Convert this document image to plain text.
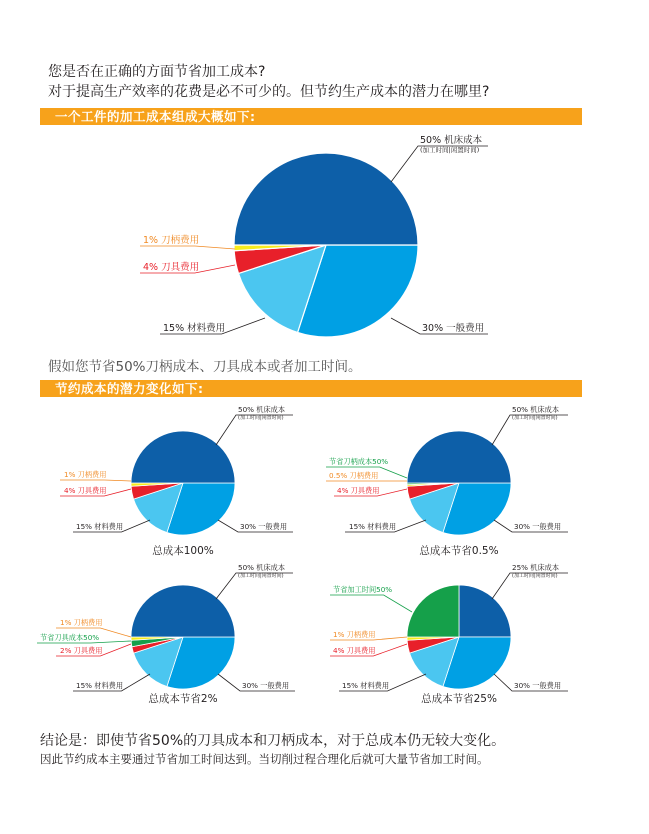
您是否在正确的方面节省加工成本?
对于提高生产效率的花费是必不可少的。但节约生产成本的潜力在哪里?
一个工件的加工成本组成大概如下:
50% 机床成本
(加工时间|闲置时间)
30% 一般费用
15% 材料费用
4% 刀具费用
1% 刀柄费用
50% 机床成本
(加工时间|闲置时间)
30% 一般费用
15% 材料费用
4% 刀具费用
1% 刀柄费用
总成本100%
50% 机床成本
(加工时间|闲置时间)
30% 一般费用
15% 材料费用
4% 刀具费用
0.5% 刀柄费用
节省刀柄成本50%
总成本节省0.5%
50% 机床成本
(加工时间|闲置时间)
30% 一般费用
15% 材料费用
2% 刀具费用
节省刀具成本50%
1% 刀柄费用
总成本节省2%
25% 机床成本
(加工时间|闲置时间)
30% 一般费用
15% 材料费用
4% 刀具费用
1% 刀柄费用
节省加工时间50%
总成本节省25%
假如您节省50%刀柄成本、刀具成本或者加工时间。
节约成本的潜力变化如下:
结论是：即使节省50%的刀具成本和刀柄成本，对于总成本仍无较大变化。
因此节约成本主要通过节省加工时间达到。当切削过程合理化后就可大量节省加工时间。
